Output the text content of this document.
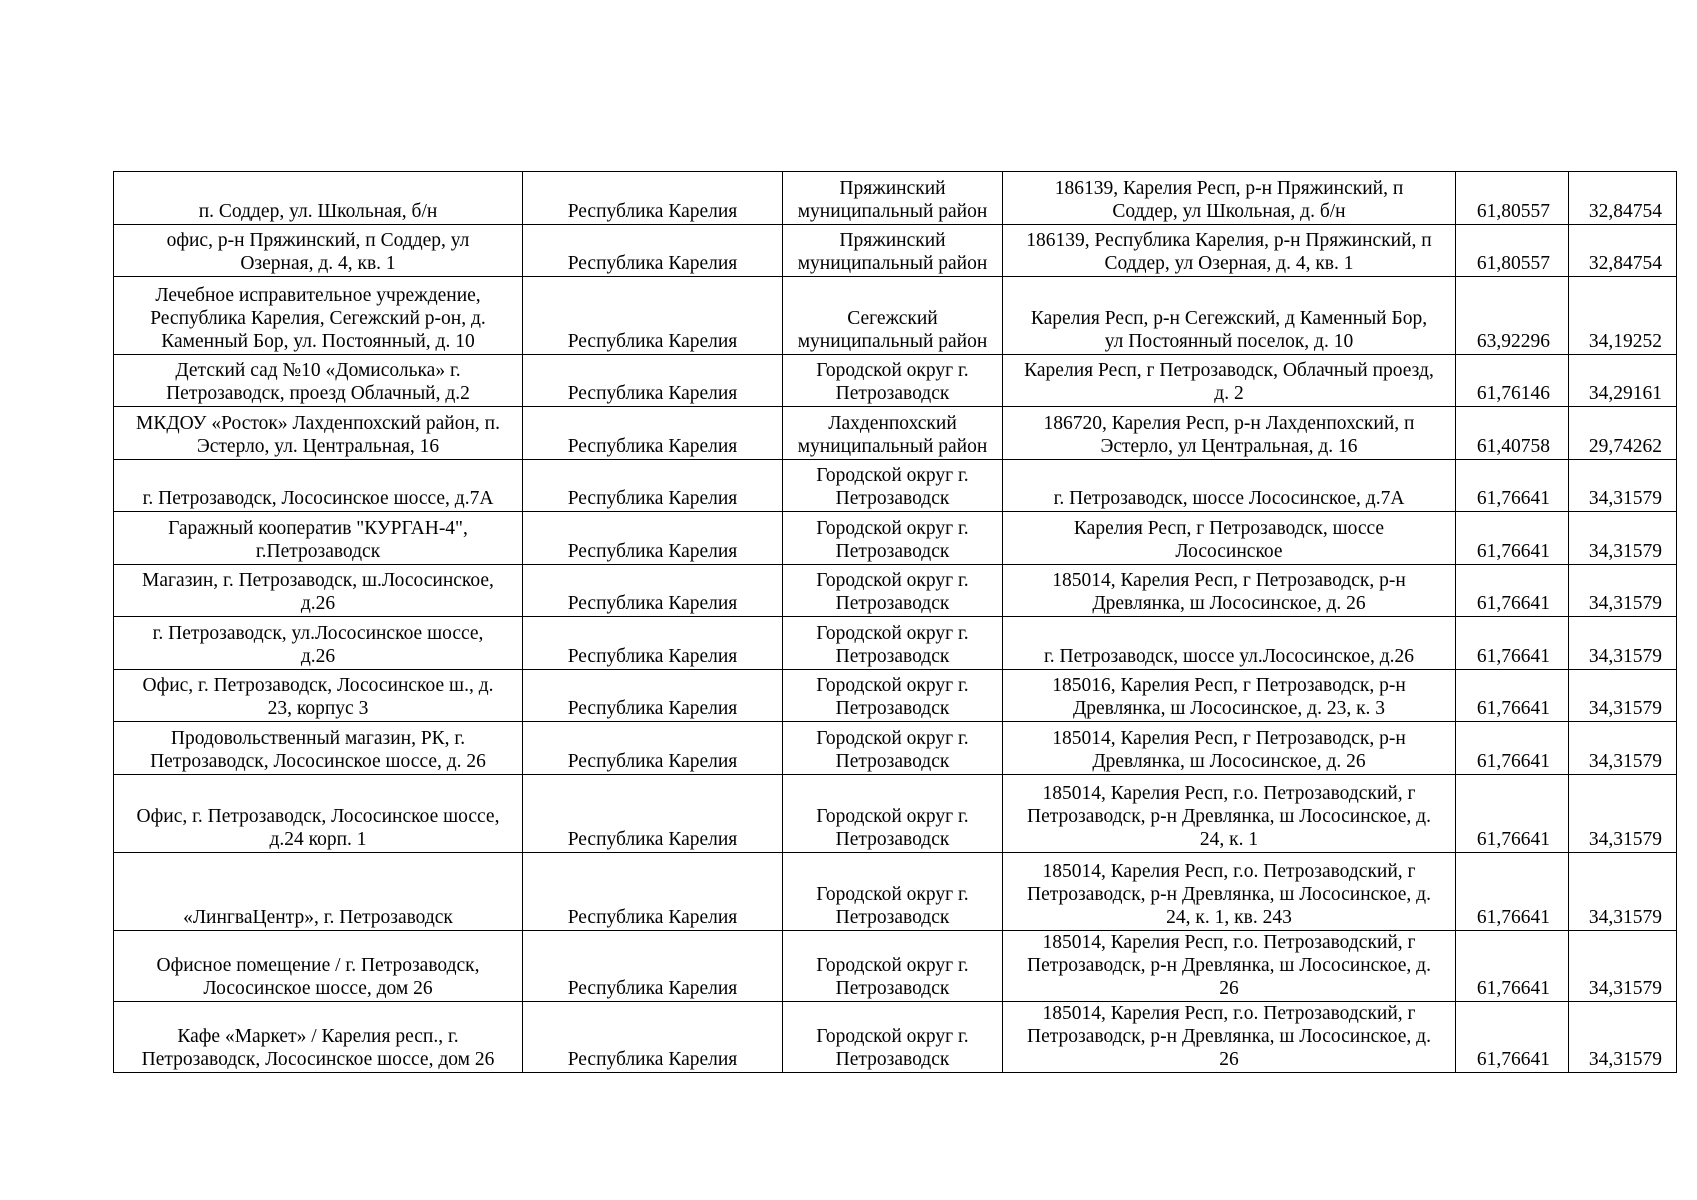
п. Соддер, ул. Школьная, б/н	Республика Карелия	Пряжинский
муниципальный район	186139, Карелия Респ, р-н Пряжинский, п
Соддер, ул Школьная, д. б/н	61,80557	32,84754
офис, р-н Пряжинский, п Соддер, ул
Озерная, д. 4, кв. 1	Республика Карелия	Пряжинский
муниципальный район	186139, Республика Карелия, р-н Пряжинский, п
Соддер, ул Озерная, д. 4, кв. 1	61,80557	32,84754
Лечебное исправительное учреждение,
Республика Карелия, Сегежский р-он, д.
Каменный Бор, ул. Постоянный, д. 10	Республика Карелия	Сегежский
муниципальный район	Карелия Респ, р-н Сегежский, д Каменный Бор,
ул Постоянный поселок, д. 10	63,92296	34,19252
Детский сад №10 «Домисолька» г.
Петрозаводск, проезд Облачный, д.2	Республика Карелия	Городской округ г.
Петрозаводск	Карелия Респ, г Петрозаводск, Облачный проезд,
д. 2	61,76146	34,29161
МКДОУ «Росток» Лахденпохский район, п.
Эстерло, ул. Центральная, 16	Республика Карелия	Лахденпохский
муниципальный район	186720, Карелия Респ, р-н Лахденпохский, п
Эстерло, ул Центральная, д. 16	61,40758	29,74262
г. Петрозаводск, Лососинское шоссе, д.7А	Республика Карелия	Городской округ г.
Петрозаводск	г. Петрозаводск, шоссе Лососинское, д.7А	61,76641	34,31579
Гаражный кооператив "КУРГАН-4",
г.Петрозаводск	Республика Карелия	Городской округ г.
Петрозаводск	Карелия Респ, г Петрозаводск, шоссе
Лососинское	61,76641	34,31579
Магазин, г. Петрозаводск, ш.Лососинское,
д.26	Республика Карелия	Городской округ г.
Петрозаводск	185014, Карелия Респ, г Петрозаводск, р-н
Древлянка, ш Лососинское, д. 26	61,76641	34,31579
г. Петрозаводск, ул.Лососинское шоссе,
д.26	Республика Карелия	Городской округ г.
Петрозаводск	г. Петрозаводск, шоссе ул.Лососинское, д.26	61,76641	34,31579
Офис, г. Петрозаводск, Лососинское ш., д.
23, корпус 3	Республика Карелия	Городской округ г.
Петрозаводск	185016, Карелия Респ, г Петрозаводск, р-н
Древлянка, ш Лососинское, д. 23, к. 3	61,76641	34,31579
Продовольственный магазин, РК, г.
Петрозаводск, Лососинское шоссе, д. 26	Республика Карелия	Городской округ г.
Петрозаводск	185014, Карелия Респ, г Петрозаводск, р-н
Древлянка, ш Лососинское, д. 26	61,76641	34,31579
Офис, г. Петрозаводск, Лососинское шоссе,
д.24 корп. 1	Республика Карелия	Городской округ г.
Петрозаводск	185014, Карелия Респ, г.о. Петрозаводский, г
Петрозаводск, р-н Древлянка, ш Лососинское, д.
24, к. 1	61,76641	34,31579
«ЛингваЦентр», г. Петрозаводск	Республика Карелия	Городской округ г.
Петрозаводск	185014, Карелия Респ, г.о. Петрозаводский, г
Петрозаводск, р-н Древлянка, ш Лососинское, д.
24, к. 1, кв. 243	61,76641	34,31579
Офисное помещение / г. Петрозаводск,
Лососинское шоссе, дом 26	Республика Карелия	Городской округ г.
Петрозаводск	185014, Карелия Респ, г.о. Петрозаводский, г
Петрозаводск, р-н Древлянка, ш Лососинское, д.
26	61,76641	34,31579
Кафе «Маркет» / Карелия респ., г.
Петрозаводск, Лососинское шоссе, дом 26	Республика Карелия	Городской округ г.
Петрозаводск	185014, Карелия Респ, г.о. Петрозаводский, г
Петрозаводск, р-н Древлянка, ш Лососинское, д.
26	61,76641	34,31579
